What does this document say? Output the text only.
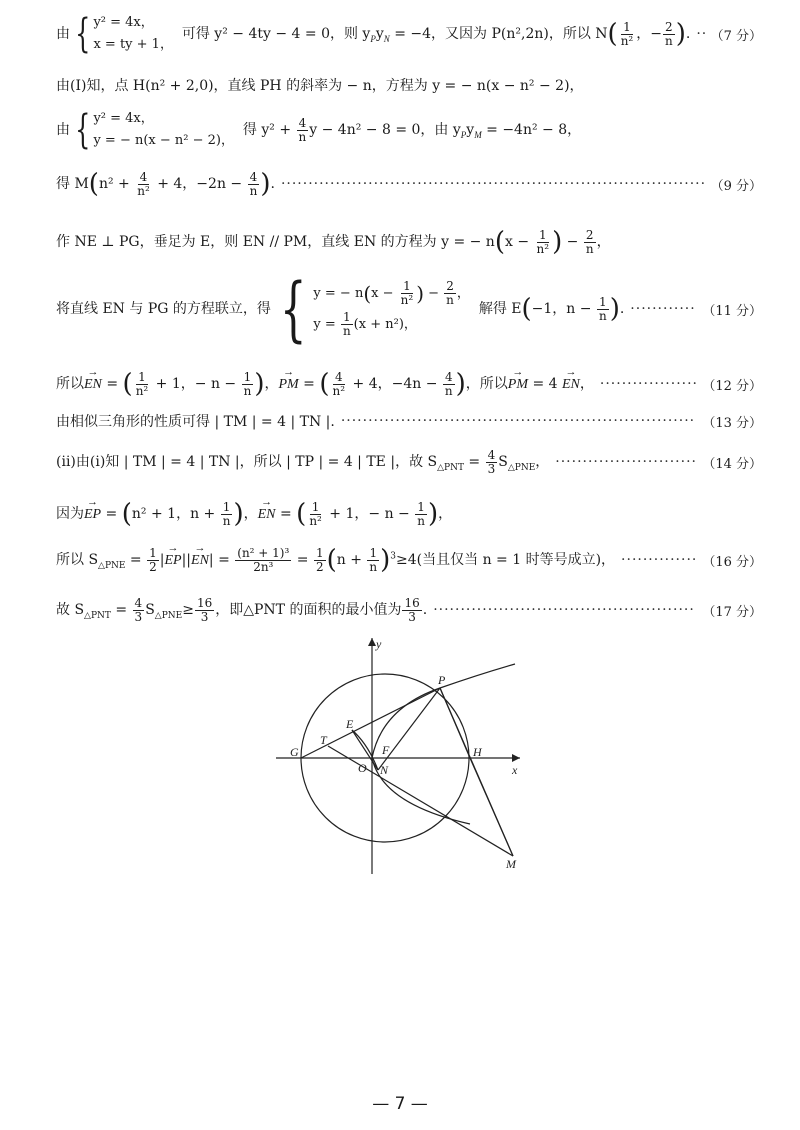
由 { y² = 4x，
x = ty + 1，
可得 y² − 4ty − 4 = 0，则 $y_Py_N = -4$，又因为 P(n²,2n)，所以 $N( \frac{1}{\text{n²}}$ ，− $\frac{2}{n}$ ). ····· （7 分）
由(Ⅰ)知，点 H(n² + 2,0)，直线 PH 的斜率为 − n，方程为 y = − n(x − n² − 2)，
由 { y² = 4x，
y = − n(x − n² − 2)，
得 $y^2 + \frac{4}{n}$ y − 4n² − 8 = 0，由 $y_Py_M = -4n^2 - 8$，
得 $M(n^2 + \frac{4}{\text{n²}} + 4$，$-2n - \frac{4}{n}$ ). ·····	（9 分）
作 NE ⊥ PG，垂足为 E，则 EN // PM，直线 EN 的方程为 y = − $n(x - \frac{1}{\text{n²}}$ ) − $\frac{2}{n}$ ，
将直线 EN 与 PG 的方程联立，得 { y = − $n(x - \frac{1}{\text{n²}}$ ) − $\frac{2}{n}$ ，
$y = \frac{1}{n} (x + n^2)$，
解得 E(−1，$n - \frac{1}{n}$ ). ·····	（11 分）
所以→ EN = ( $\frac{1}{\text{n²}} + 1$，− $n - \frac{1}{n}$ )，→ PM = ( $\frac{4}{\text{n²}} + 4$，$-4n - \frac{4}{n}$ )，所以→ PM = 4 → EN， ·····	（12 分）
由相似三角形的性质可得 | TM | = 4 | TN |. ·····	（13 分）
(ⅱ)由(ⅰ)知 | TM | = 4 | TN |，所以 | TP | = 4 | TE |，故 $S_{\triangle PNT} = \frac{4}{3} S_{\triangle PNE}$， ·····	（14 分）
因为→ EP = (n² + 1，$n + \frac{1}{n}$ )，→ EN = ( $\frac{1}{\text{n²}} + 1$，− $n - \frac{1}{n}$ )，
所以 $S_{\triangle PNE} = \frac{1}{2}$ |→ $EP||\to EN| = \frac{\text{(n² + 1)³}}{\text{2n³}} = \frac{1}{2} (n + \frac{1}{n} )^3\ge 4$(当且仅当 n = 1 时等号成立)， ·····	（16 分）
故 $S_{\triangle PNT} = \frac{4}{3} S_{\triangle PNE}\ge \frac{16}{3}$ ，即△PNT 的面积的最小值为 $\frac{16}{3}$ . ·····	（17 分）
x
y
O
P
E
F
T
G	H
N
M
— 7 —
